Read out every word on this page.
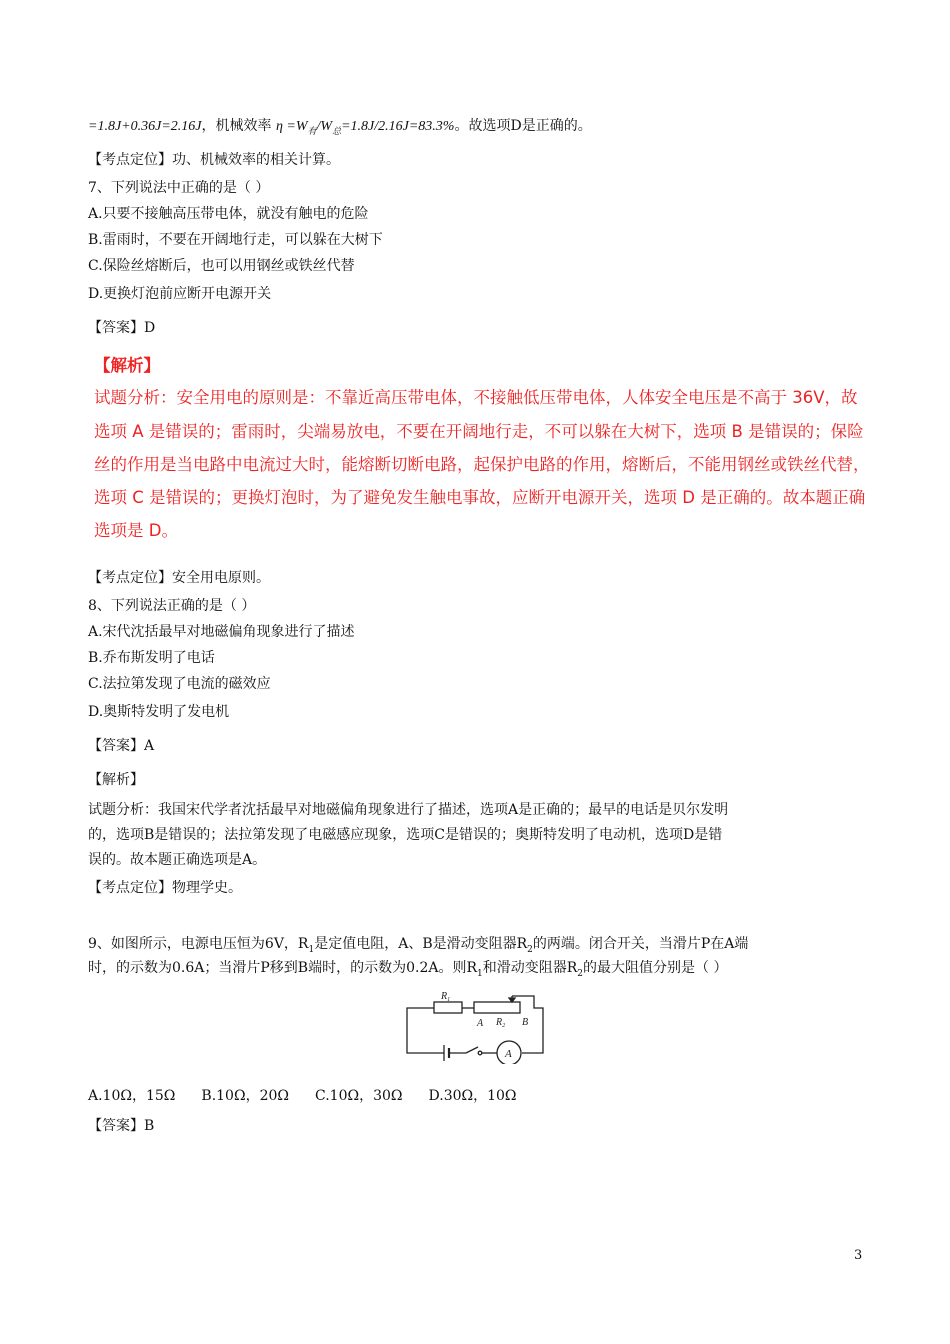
=1.8J+0.36J=2.16J，机械效率 $\eta =W_有/W_总=1.8J/2.16J=83.3\%$。故选项D是正确的。
【考点定位】功、机械效率的相关计算。
7、下列说法中正确的是（ ）
A.只要不接触高压带电体，就没有触电的危险
B.雷雨时，不要在开阔地行走，可以躲在大树下
C.保险丝熔断后，也可以用钢丝或铁丝代替
D.更换灯泡前应断开电源开关
【答案】D
【解析】
试题分析：安全用电的原则是：不靠近高压带电体，不接触低压带电体，人体安全电压是不高于 36V，故
选项 A 是错误的；雷雨时，尖端易放电，不要在开阔地行走，不可以躲在大树下，选项 B 是错误的；保险
丝的作用是当电路中电流过大时，能熔断切断电路，起保护电路的作用，熔断后，不能用钢丝或铁丝代替，
选项 C 是错误的；更换灯泡时，为了避免发生触电事故，应断开电源开关，选项 D 是正确的。故本题正确
选项是 D。
【考点定位】安全用电原则。
8、下列说法正确的是（ ）
A.宋代沈括最早对地磁偏角现象进行了描述
B.乔布斯发明了电话
C.法拉第发现了电流的磁效应
D.奥斯特发明了发电机
【答案】A
【解析】
试题分析：我国宋代学者沈括最早对地磁偏角现象进行了描述，选项A是正确的；最早的电话是贝尔发明
的，选项B是错误的；法拉第发现了电磁感应现象，选项C是错误的；奥斯特发明了电动机，选项D是错
误的。故本题正确选项是A。
【考点定位】物理学史。
9、如图所示，电源电压恒为6V，$R_1$是定值电阻，A、B是滑动变阻器$R_2$的两端。闭合开关，当滑片P在A端
时，的示数为0.6A；当滑片P移到B端时，的示数为0.2A。则$R_1$和滑动变阻器$R_2$的最大阻值分别是（ ）
$R_1$
A $R_2$ B
A
A.10Ω，15Ω B.10Ω，20Ω C.10Ω，30Ω D.30Ω，10Ω
【答案】B
3
